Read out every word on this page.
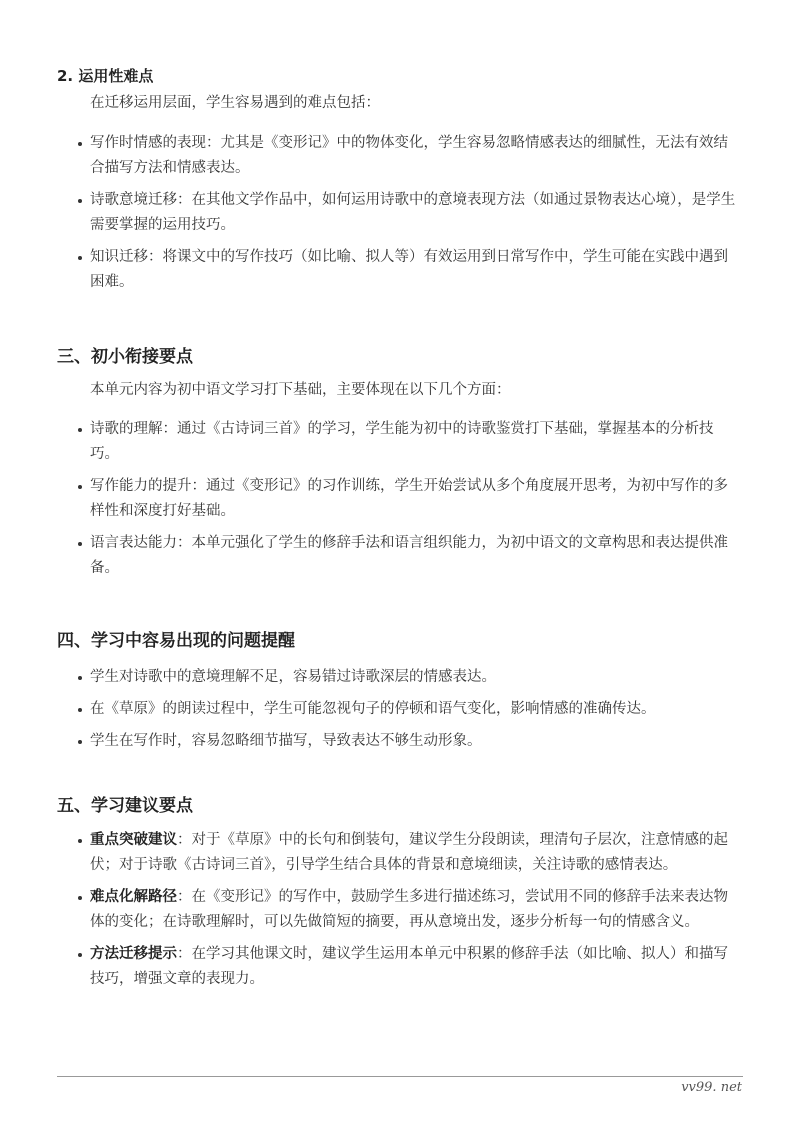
vv99.net
2. 运用性难点
在迁移运用层面，学生容易遇到的难点包括：
写作时情感的表现：尤其是《变形记》中的物体变化，学生容易忽略情感表达的细腻性，无法有效结合描写方法和情感表达。
诗歌意境迁移：在其他文学作品中，如何运用诗歌中的意境表现方法（如通过景物表达心境），是学生需要掌握的运用技巧。
知识迁移：将课文中的写作技巧（如比喻、拟人等）有效运用到日常写作中，学生可能在实践中遇到困难。
三、初小衔接要点
本单元内容为初中语文学习打下基础，主要体现在以下几个方面：
诗歌的理解：通过《古诗词三首》的学习，学生能为初中的诗歌鉴赏打下基础，掌握基本的分析技巧。
写作能力的提升：通过《变形记》的习作训练，学生开始尝试从多个角度展开思考，为初中写作的多样性和深度打好基础。
语言表达能力：本单元强化了学生的修辞手法和语言组织能力，为初中语文的文章构思和表达提供准备。
四、学习中容易出现的问题提醒
学生对诗歌中的意境理解不足，容易错过诗歌深层的情感表达。
在《草原》的朗读过程中，学生可能忽视句子的停顿和语气变化，影响情感的准确传达。
学生在写作时，容易忽略细节描写，导致表达不够生动形象。
五、学习建议要点
重点突破建议：对于《草原》中的长句和倒装句，建议学生分段朗读，理清句子层次，注意情感的起伏；对于诗歌《古诗词三首》，引导学生结合具体的背景和意境细读，关注诗歌的感情表达。
难点化解路径：在《变形记》的写作中，鼓励学生多进行描述练习，尝试用不同的修辞手法来表达物体的变化；在诗歌理解时，可以先做简短的摘要，再从意境出发，逐步分析每一句的情感含义。
方法迁移提示：在学习其他课文时，建议学生运用本单元中积累的修辞手法（如比喻、拟人）和描写技巧，增强文章的表现力。
vv99. net
